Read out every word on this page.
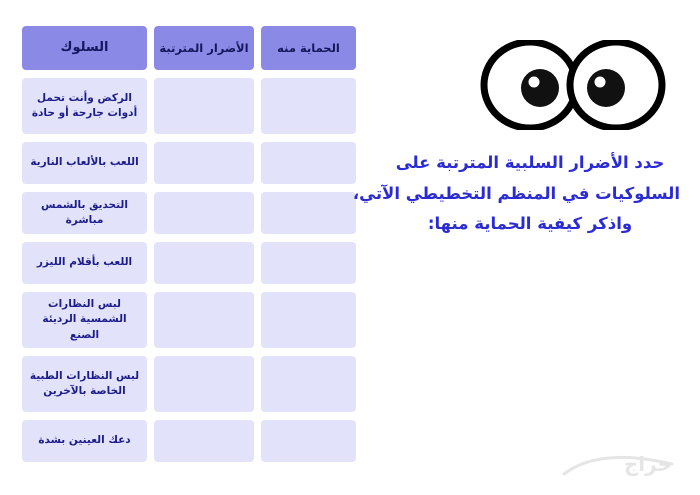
الحماية منه
الأضرار المترتبة
السلوك
الركض وأنت تحمل أدوات جارحة أو حادة
اللعب بالألعاب النارية
التحديق بالشمس مباشرة
اللعب بأقلام الليزر
لبس النظارات الشمسية الرديئة الصنع
لبس النظارات الطبية الخاصة بالآخرين
دعك العينين بشدة
حدد الأضرار السلبية المترتبة على
السلوكيات في المنظم التخطيطي الآتي،
واذكر كيفية الحماية منها:
حراج
